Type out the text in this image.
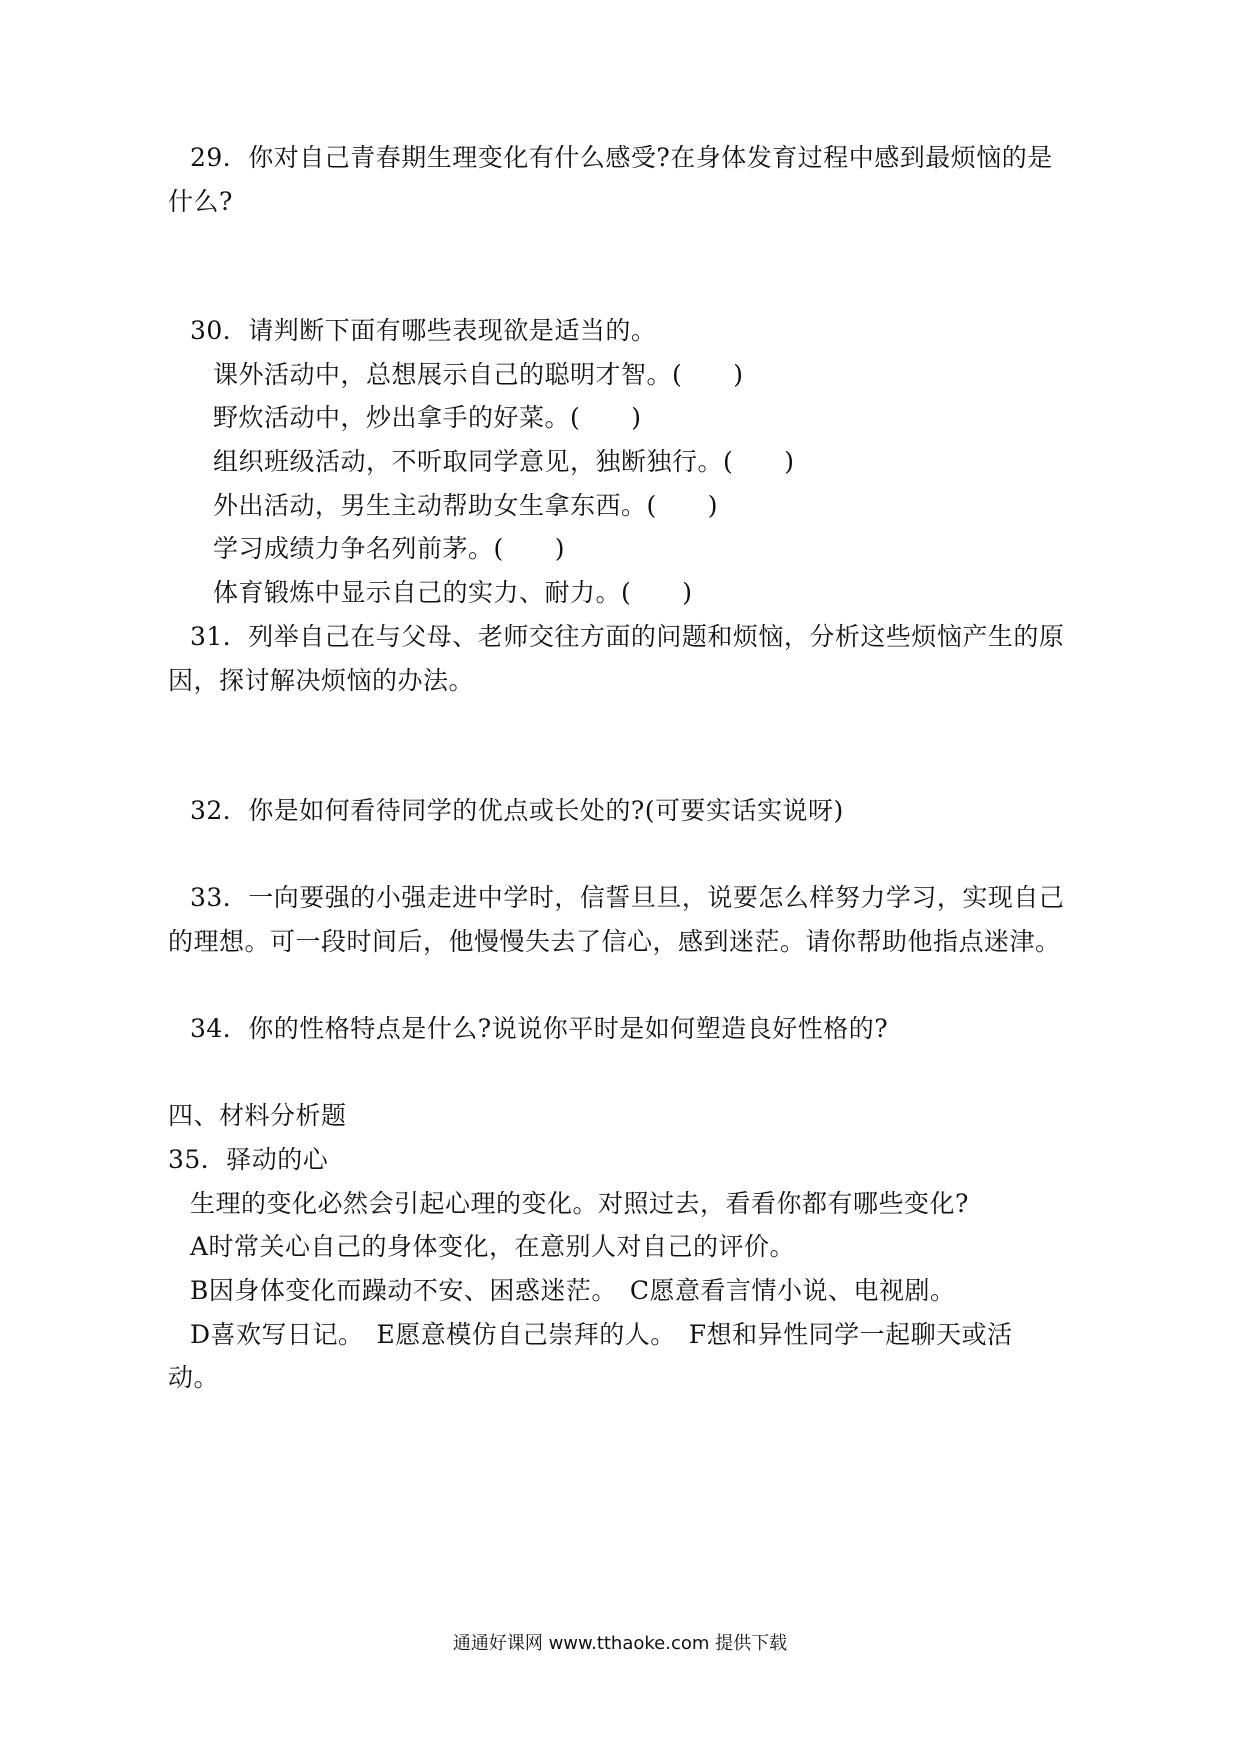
29．你对自己青春期生理变化有什么感受?在身体发育过程中感到最烦恼的是
什么?
30．请判断下面有哪些表现欲是适当的。
课外活动中，总想展示自己的聪明才智。(　　)
野炊活动中，炒出拿手的好菜。(　　)
组织班级活动，不听取同学意见，独断独行。(　　)
外出活动，男生主动帮助女生拿东西。(　　)
学习成绩力争名列前茅。(　　)
体育锻炼中显示自己的实力、耐力。(　　)
31．列举自己在与父母、老师交往方面的问题和烦恼，分析这些烦恼产生的原
因，探讨解决烦恼的办法。
32．你是如何看待同学的优点或长处的?(可要实话实说呀)
33．一向要强的小强走进中学时，信誓旦旦，说要怎么样努力学习，实现自己
的理想。可一段时间后，他慢慢失去了信心，感到迷茫。请你帮助他指点迷津。
34．你的性格特点是什么?说说你平时是如何塑造良好性格的?
四、材料分析题
35．驿动的心
生理的变化必然会引起心理的变化。对照过去，看看你都有哪些变化?
A时常关心自己的身体变化，在意别人对自己的评价。
B因身体变化而躁动不安、困惑迷茫。　C愿意看言情小说、电视剧。
D喜欢写日记。　E愿意模仿自己崇拜的人。　F想和异性同学一起聊天或活
动。
通通好课网 www.tthaoke.com 提供下载
